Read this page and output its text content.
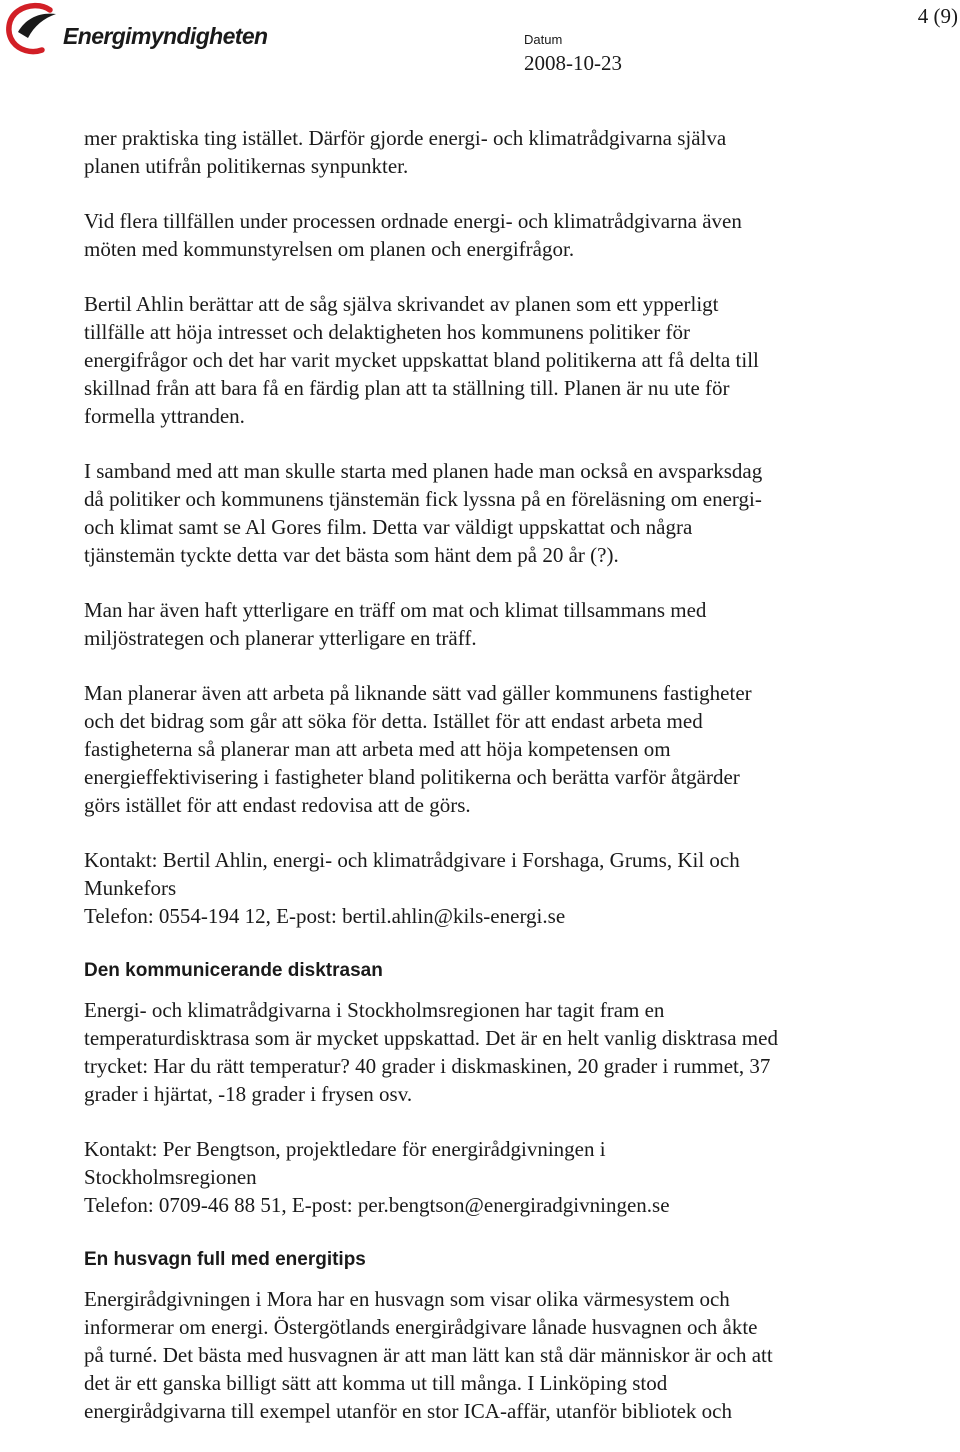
Energimyndigheten
4 (9)
Datum
2008-10-23
mer praktiska ting istället. Därför gjorde energi- och klimatrådgivarna själva
planen utifrån politikernas synpunkter.
Vid flera tillfällen under processen ordnade energi- och klimatrådgivarna även
möten med kommunstyrelsen om planen och energifrågor.
Bertil Ahlin berättar att de såg själva skrivandet av planen som ett ypperligt
tillfälle att höja intresset och delaktigheten hos kommunens politiker för
energifrågor och det har varit mycket uppskattat bland politikerna att få delta till
skillnad från att bara få en färdig plan att ta ställning till. Planen är nu ute för
formella yttranden.
I samband med att man skulle starta med planen hade man också en avsparksdag
då politiker och kommunens tjänstemän fick lyssna på en föreläsning om energi-
och klimat samt se Al Gores film. Detta var väldigt uppskattat och några
tjänstemän tyckte detta var det bästa som hänt dem på 20 år (?).
Man har även haft ytterligare en träff om mat och klimat tillsammans med
miljöstrategen och planerar ytterligare en träff.
Man planerar även att arbeta på liknande sätt vad gäller kommunens fastigheter
och det bidrag som går att söka för detta. Istället för att endast arbeta med
fastigheterna så planerar man att arbeta med att höja kompetensen om
energieffektivisering i fastigheter bland politikerna och berätta varför åtgärder
görs istället för att endast redovisa att de görs.
Kontakt: Bertil Ahlin, energi- och klimatrådgivare i Forshaga, Grums, Kil och
Munkefors
Telefon: 0554-194 12, E-post: bertil.ahlin@kils-energi.se
Den kommunicerande disktrasan
Energi- och klimatrådgivarna i Stockholmsregionen har tagit fram en
temperaturdisktrasa som är mycket uppskattad. Det är en helt vanlig disktrasa med
trycket: Har du rätt temperatur? 40 grader i diskmaskinen, 20 grader i rummet, 37
grader i hjärtat, -18 grader i frysen osv.
Kontakt: Per Bengtson, projektledare för energirådgivningen i
Stockholmsregionen
Telefon: 0709-46 88 51, E-post: per.bengtson@energiradgivningen.se
En husvagn full med energitips
Energirådgivningen i Mora har en husvagn som visar olika värmesystem och
informerar om energi. Östergötlands energirådgivare lånade husvagnen och åkte
på turné. Det bästa med husvagnen är att man lätt kan stå där människor är och att
det är ett ganska billigt sätt att komma ut till många. I Linköping stod
energirådgivarna till exempel utanför en stor ICA-affär, utanför bibliotek och
